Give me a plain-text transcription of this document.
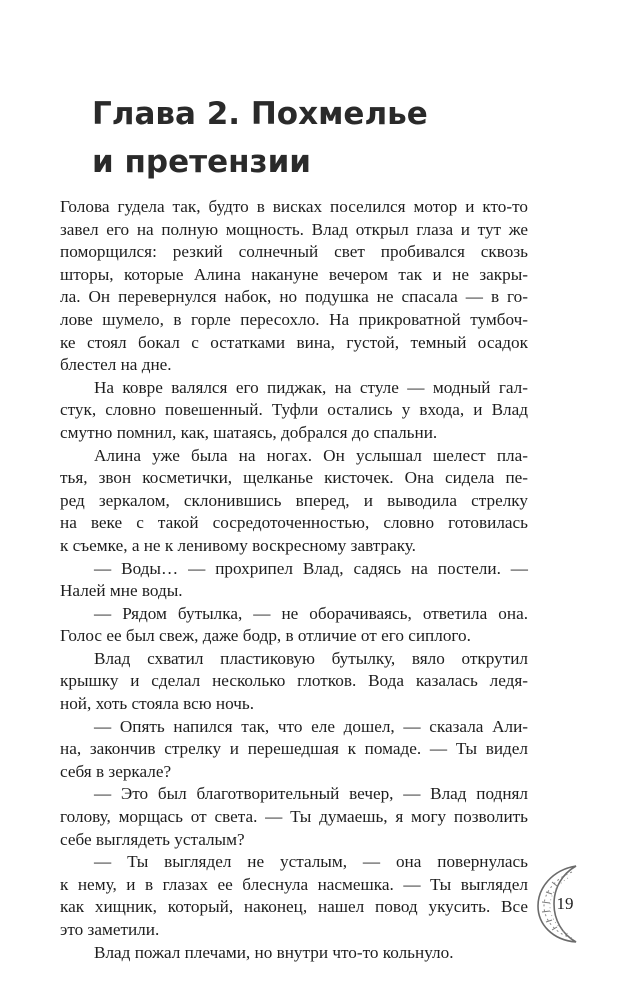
Глава 2. Похмелье
и претензии
Голова гудела так, будто в висках поселился мотор и кто-то
завел его на полную мощность. Влад открыл глаза и тут же
поморщился: резкий солнечный свет пробивался сквозь
шторы, которые Алина накануне вечером так и не закры-
ла. Он перевернулся набок, но подушка не спасала — в го-
лове шумело, в горле пересохло. На прикроватной тумбоч-
ке стоял бокал с остатками вина, густой, темный осадок
блестел на дне.
На ковре валялся его пиджак, на стуле — модный гал-
стук, словно повешенный. Туфли остались у входа, и Влад
смутно помнил, как, шатаясь, добрался до спальни.
Алина уже была на ногах. Он услышал шелест пла-
тья, звон косметички, щелканье кисточек. Она сидела пе-
ред зеркалом, склонившись вперед, и выводила стрелку
на веке с такой сосредоточенностью, словно готовилась
к съемке, а не к ленивому воскресному завтраку.
— Воды… — прохрипел Влад, садясь на постели. —
Налей мне воды.
— Рядом бутылка, — не оборачиваясь, ответила она.
Голос ее был свеж, даже бодр, в отличие от его сиплого.
Влад схватил пластиковую бутылку, вяло открутил
крышку и сделал несколько глотков. Вода казалась ледя-
ной, хоть стояла всю ночь.
— Опять напился так, что еле дошел, — сказала Али-
на, закончив стрелку и перешедшая к помаде. — Ты видел
себя в зеркале?
— Это был благотворительный вечер, — Влад поднял
голову, морщась от света. — Ты думаешь, я могу позволить
себе выглядеть усталым?
— Ты выглядел не усталым, — она повернулась
к нему, и в глазах ее блеснула насмешка. — Ты выглядел
как хищник, который, наконец, нашел повод укусить. Все
это заметили.
Влад пожал плечами, но внутри что-то кольнуло.
19
